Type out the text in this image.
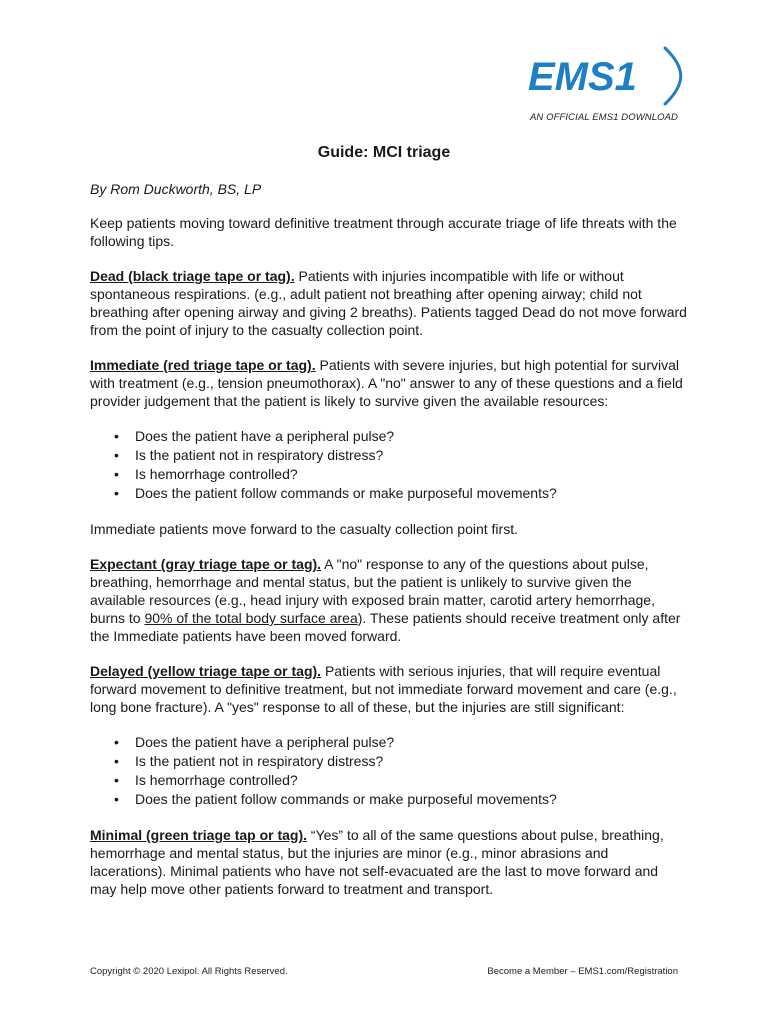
EMS1
AN OFFICIAL EMS1 DOWNLOAD
Guide: MCI triage
By Rom Duckworth, BS, LP

Keep patients moving toward definitive treatment through accurate triage of life threats with the following tips.

Dead (black triage tape or tag). Patients with injuries incompatible with life or without spontaneous respirations. (e.g., adult patient not breathing after opening airway; child not breathing after opening airway and giving 2 breaths). Patients tagged Dead do not move forward from the point of injury to the casualty collection point.

Immediate (red triage tape or tag). Patients with severe injuries, but high potential for survival with treatment (e.g., tension pneumothorax). A "no" answer to any of these questions and a field provider judgement that the patient is likely to survive given the available resources:

• Does the patient have a peripheral pulse?
• Is the patient not in respiratory distress?
• Is hemorrhage controlled?
• Does the patient follow commands or make purposeful movements?

Immediate patients move forward to the casualty collection point first.

Expectant (gray triage tape or tag). A "no" response to any of the questions about pulse, breathing, hemorrhage and mental status, but the patient is unlikely to survive given the available resources (e.g., head injury with exposed brain matter, carotid artery hemorrhage, burns to 90% of the total body surface area). These patients should receive treatment only after the Immediate patients have been moved forward.

Delayed (yellow triage tape or tag). Patients with serious injuries, that will require eventual forward movement to definitive treatment, but not immediate forward movement and care (e.g., long bone fracture). A "yes" response to all of these, but the injuries are still significant:

• Does the patient have a peripheral pulse?
• Is the patient not in respiratory distress?
• Is hemorrhage controlled?
• Does the patient follow commands or make purposeful movements?

Minimal (green triage tap or tag). “Yes” to all of the same questions about pulse, breathing, hemorrhage and mental status, but the injuries are minor (e.g., minor abrasions and lacerations). Minimal patients who have not self-evacuated are the last to move forward and may help move other patients forward to treatment and transport.

Copyright © 2020 Lexipol. All Rights Reserved.	Become a Member – EMS1.com/Registration
